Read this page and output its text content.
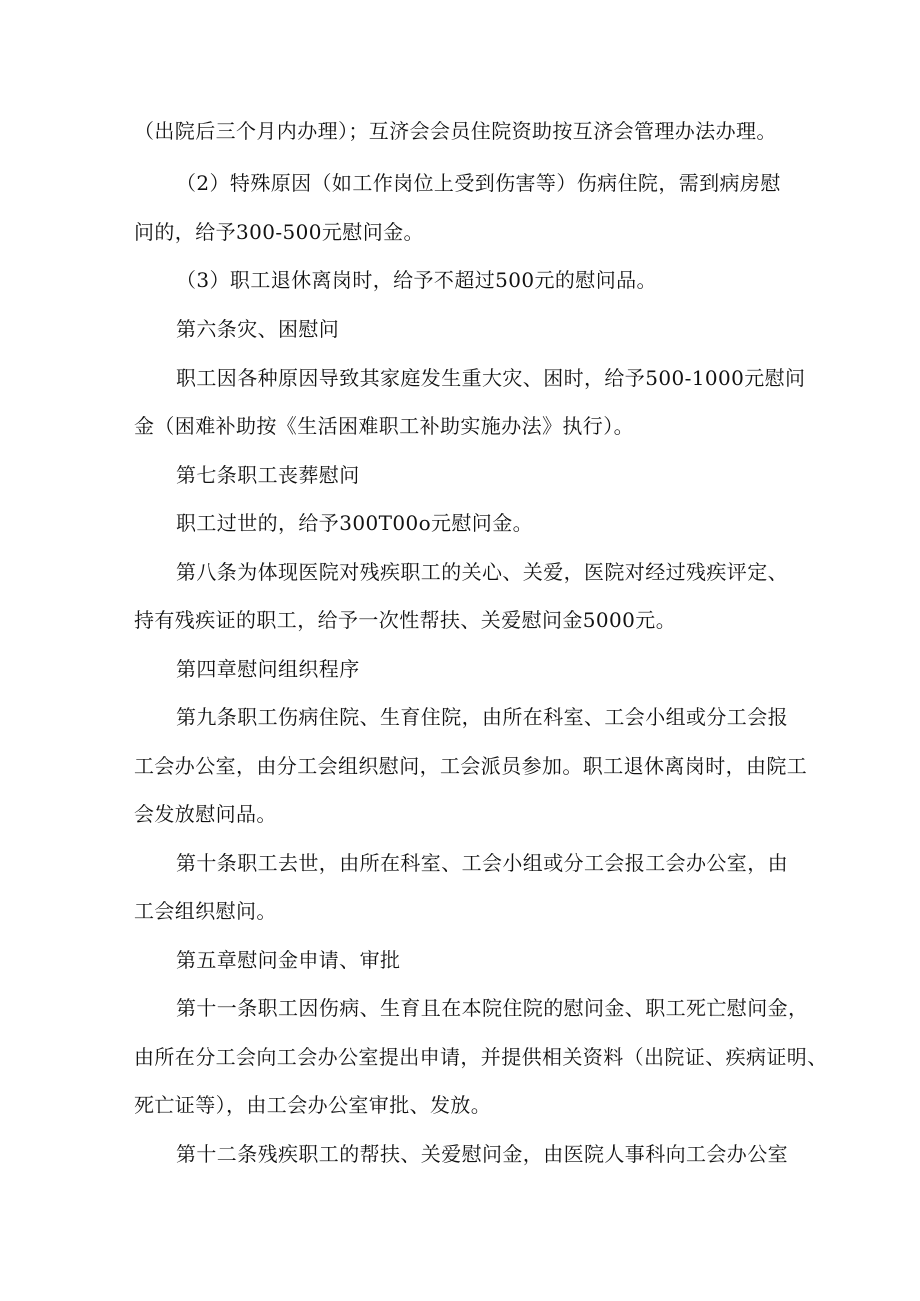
（出院后三个月内办理）；互济会会员住院资助按互济会管理办法办理。
（2）特殊原因（如工作岗位上受到伤害等）伤病住院，需到病房慰
问的，给予300-500元慰问金。
（3）职工退休离岗时，给予不超过500元的慰问品。
第六条灾、困慰问
职工因各种原因导致其家庭发生重大灾、困时，给予500-1000元慰问
金（困难补助按《生活困难职工补助实施办法》执行）。
第七条职工丧葬慰问
职工过世的，给予300T00o元慰问金。
第八条为体现医院对残疾职工的关心、关爱，医院对经过残疾评定、
持有残疾证的职工，给予一次性帮扶、关爱慰问金5000元。
第四章慰问组织程序
第九条职工伤病住院、生育住院，由所在科室、工会小组或分工会报
工会办公室，由分工会组织慰问，工会派员参加。职工退休离岗时，由院工
会发放慰问品。
第十条职工去世，由所在科室、工会小组或分工会报工会办公室，由
工会组织慰问。
第五章慰问金申请、审批
第十一条职工因伤病、生育且在本院住院的慰问金、职工死亡慰问金，
由所在分工会向工会办公室提出申请，并提供相关资料（出院证、疾病证明、
死亡证等），由工会办公室审批、发放。
第十二条残疾职工的帮扶、关爱慰问金，由医院人事科向工会办公室
